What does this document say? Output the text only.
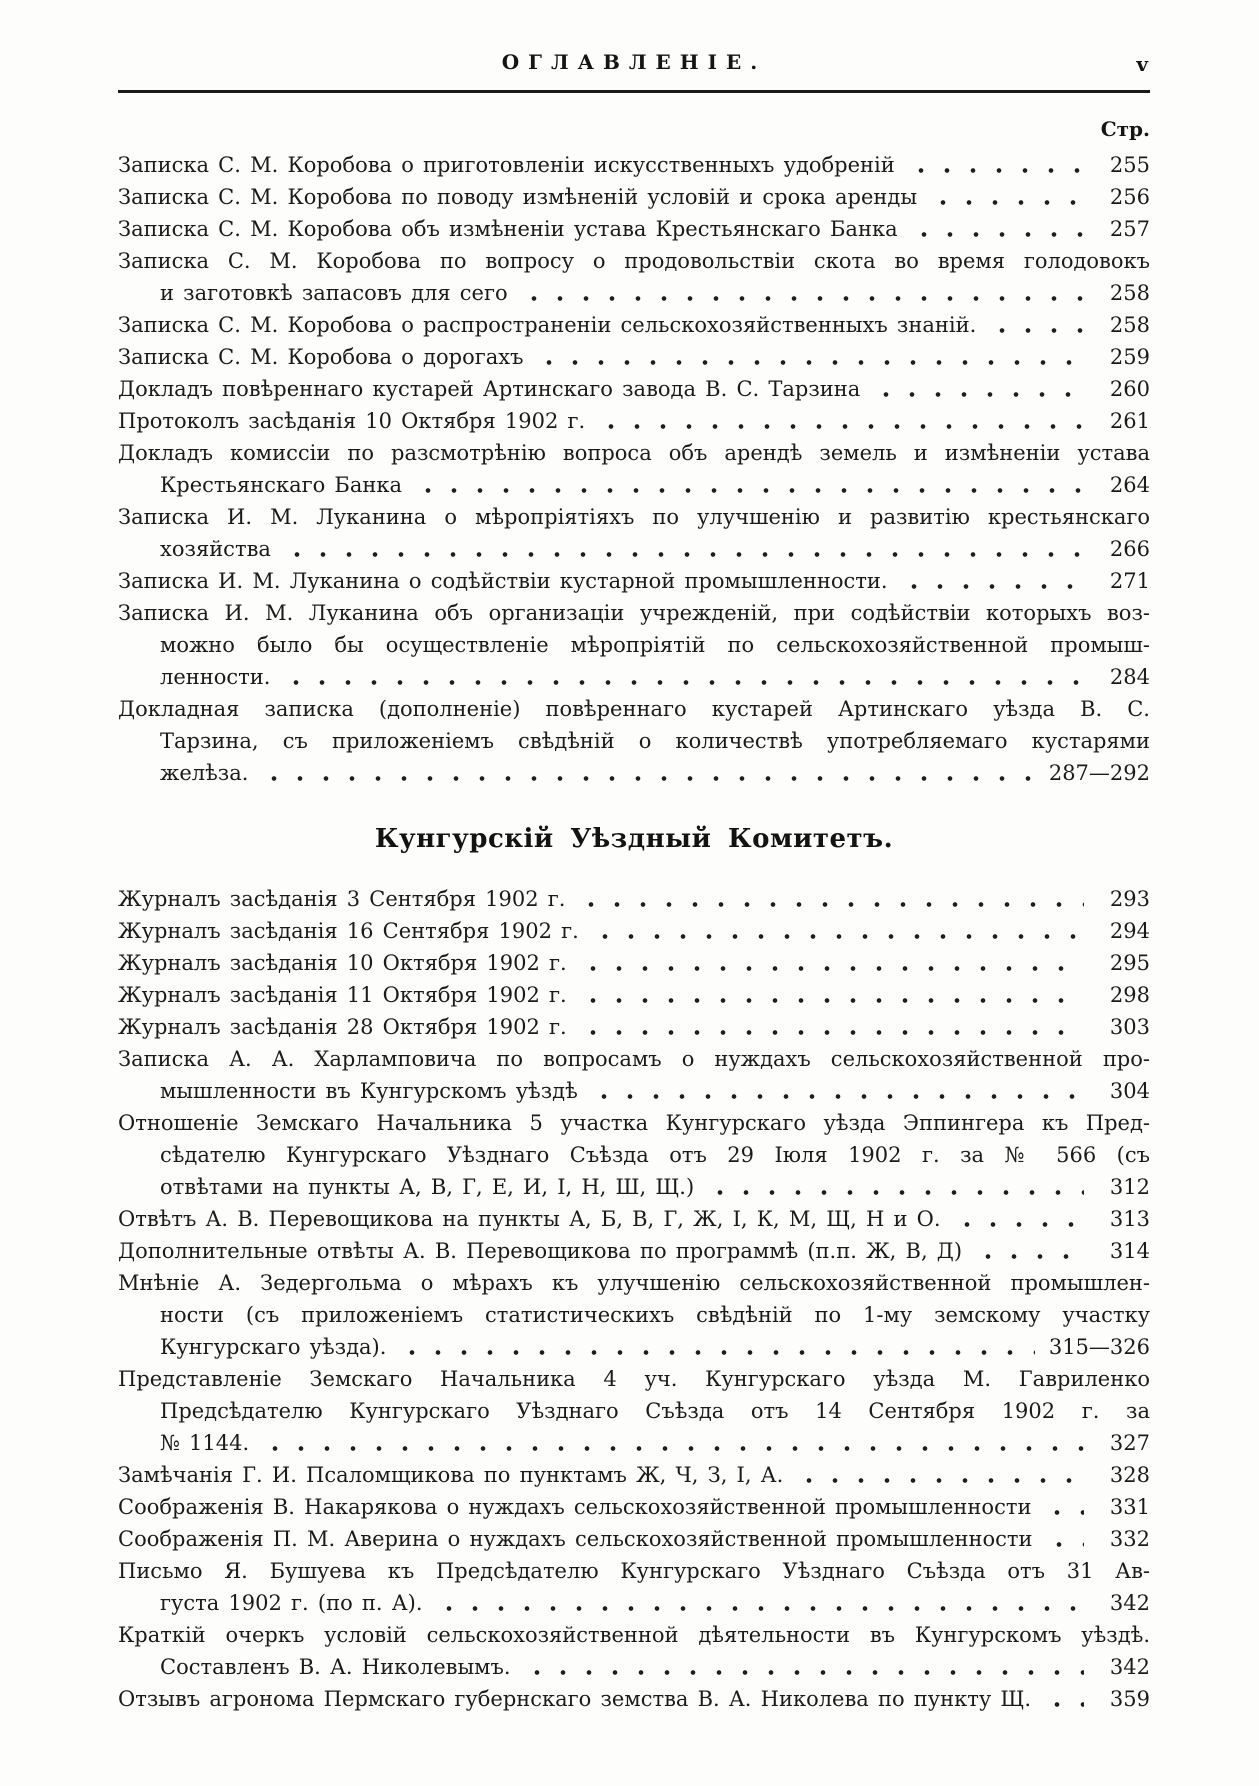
ОГЛАВЛЕНІЕ.	v
Стр.
Записка С. М. Коробова о приготовленіи искусственныхъ удобреній	255
Записка С. М. Коробова по поводу измѣненій условій и срока аренды	256
Записка С. М. Коробова объ измѣненіи устава Крестьянскаго Банка	257
Записка С. М. Коробова по вопросу о продовольствіи скота во время голодовокъ
и заготовкѣ запасовъ для сего	258
Записка С. М. Коробова о распространеніи сельскохозяйственныхъ знаній.	258
Записка С. М. Коробова о дорогахъ	259
Докладъ повѣреннаго кустарей Артинскаго завода В. С. Тарзина	260
Протоколъ засѣданія 10 Октября 1902 г.	261
Докладъ комиссіи по разсмотрѣнію вопроса объ арендѣ земель и измѣненіи устава
Крестьянскаго Банка	264
Записка И. М. Луканина о мѣропріятіяхъ по улучшенію и развитію крестьянскаго
хозяйства	266
Записка И. М. Луканина о содѣйствіи кустарной промышленности.	271
Записка И. М. Луканина объ организаціи учрежденій, при содѣйствіи которыхъ воз-
можно было бы осуществленіе мѣропріятій по сельскохозяйственной промыш-
ленности.	284
Докладная записка (дополненіе) повѣреннаго кустарей Артинскаго уѣзда В. С.
Тарзина, съ приложеніемъ свѣдѣній о количествѣ употребляемаго кустарями
желѣза.	287—292
Кунгурскій Уѣздный Комитетъ.
Журналъ засѣданія 3 Сентября 1902 г.	293
Журналъ засѣданія 16 Сентября 1902 г.	294
Журналъ засѣданія 10 Октября 1902 г.	295
Журналъ засѣданія 11 Октября 1902 г.	298
Журналъ засѣданія 28 Октября 1902 г.	303
Записка А. А. Харламповича по вопросамъ о нуждахъ сельскохозяйственной про-
мышленности въ Кунгурскомъ уѣздѣ	304
Отношеніе Земскаго Начальника 5 участка Кунгурскаго уѣзда Эппингера къ Пред-
сѣдателю Кунгурскаго Уѣзднаго Съѣзда отъ 29 Іюля 1902 г. за № 566 (съ
отвѣтами на пункты А, В, Г, Е, И, І, Н, Ш, Щ.)	312
Отвѣтъ А. В. Перевощикова на пункты А, Б, В, Г, Ж, І, К, М, Щ, Н и О.	313
Дополнительные отвѣты А. В. Перевощикова по программѣ (п.п. Ж, В, Д)	314
Мнѣніе А. Зедергольма о мѣрахъ къ улучшенію сельскохозяйственной промышлен-
ности (съ приложеніемъ статистическихъ свѣдѣній по 1-му земскому участку
Кунгурскаго уѣзда).	315—326
Представленіе Земскаго Начальника 4 уч. Кунгурскаго уѣзда М. Гавриленко
Предсѣдателю Кунгурскаго Уѣзднаго Съѣзда отъ 14 Сентября 1902 г. за
№ 1144.	327
Замѣчанія Г. И. Псаломщикова по пунктамъ Ж, Ч, З, І, А.	328
Соображенія В. Накарякова о нуждахъ сельскохозяйственной промышленности	331
Соображенія П. М. Аверина о нуждахъ сельскохозяйственной промышленности	332
Письмо Я. Бушуева къ Предсѣдателю Кунгурскаго Уѣзднаго Съѣзда отъ 31 Ав-
густа 1902 г. (по п. А).	342
Краткій очеркъ условій сельскохозяйственной дѣятельности въ Кунгурскомъ уѣздѣ.
Составленъ В. А. Николевымъ.	342
Отзывъ агронома Пермскаго губернскаго земства В. А. Николева по пункту Щ.	359
